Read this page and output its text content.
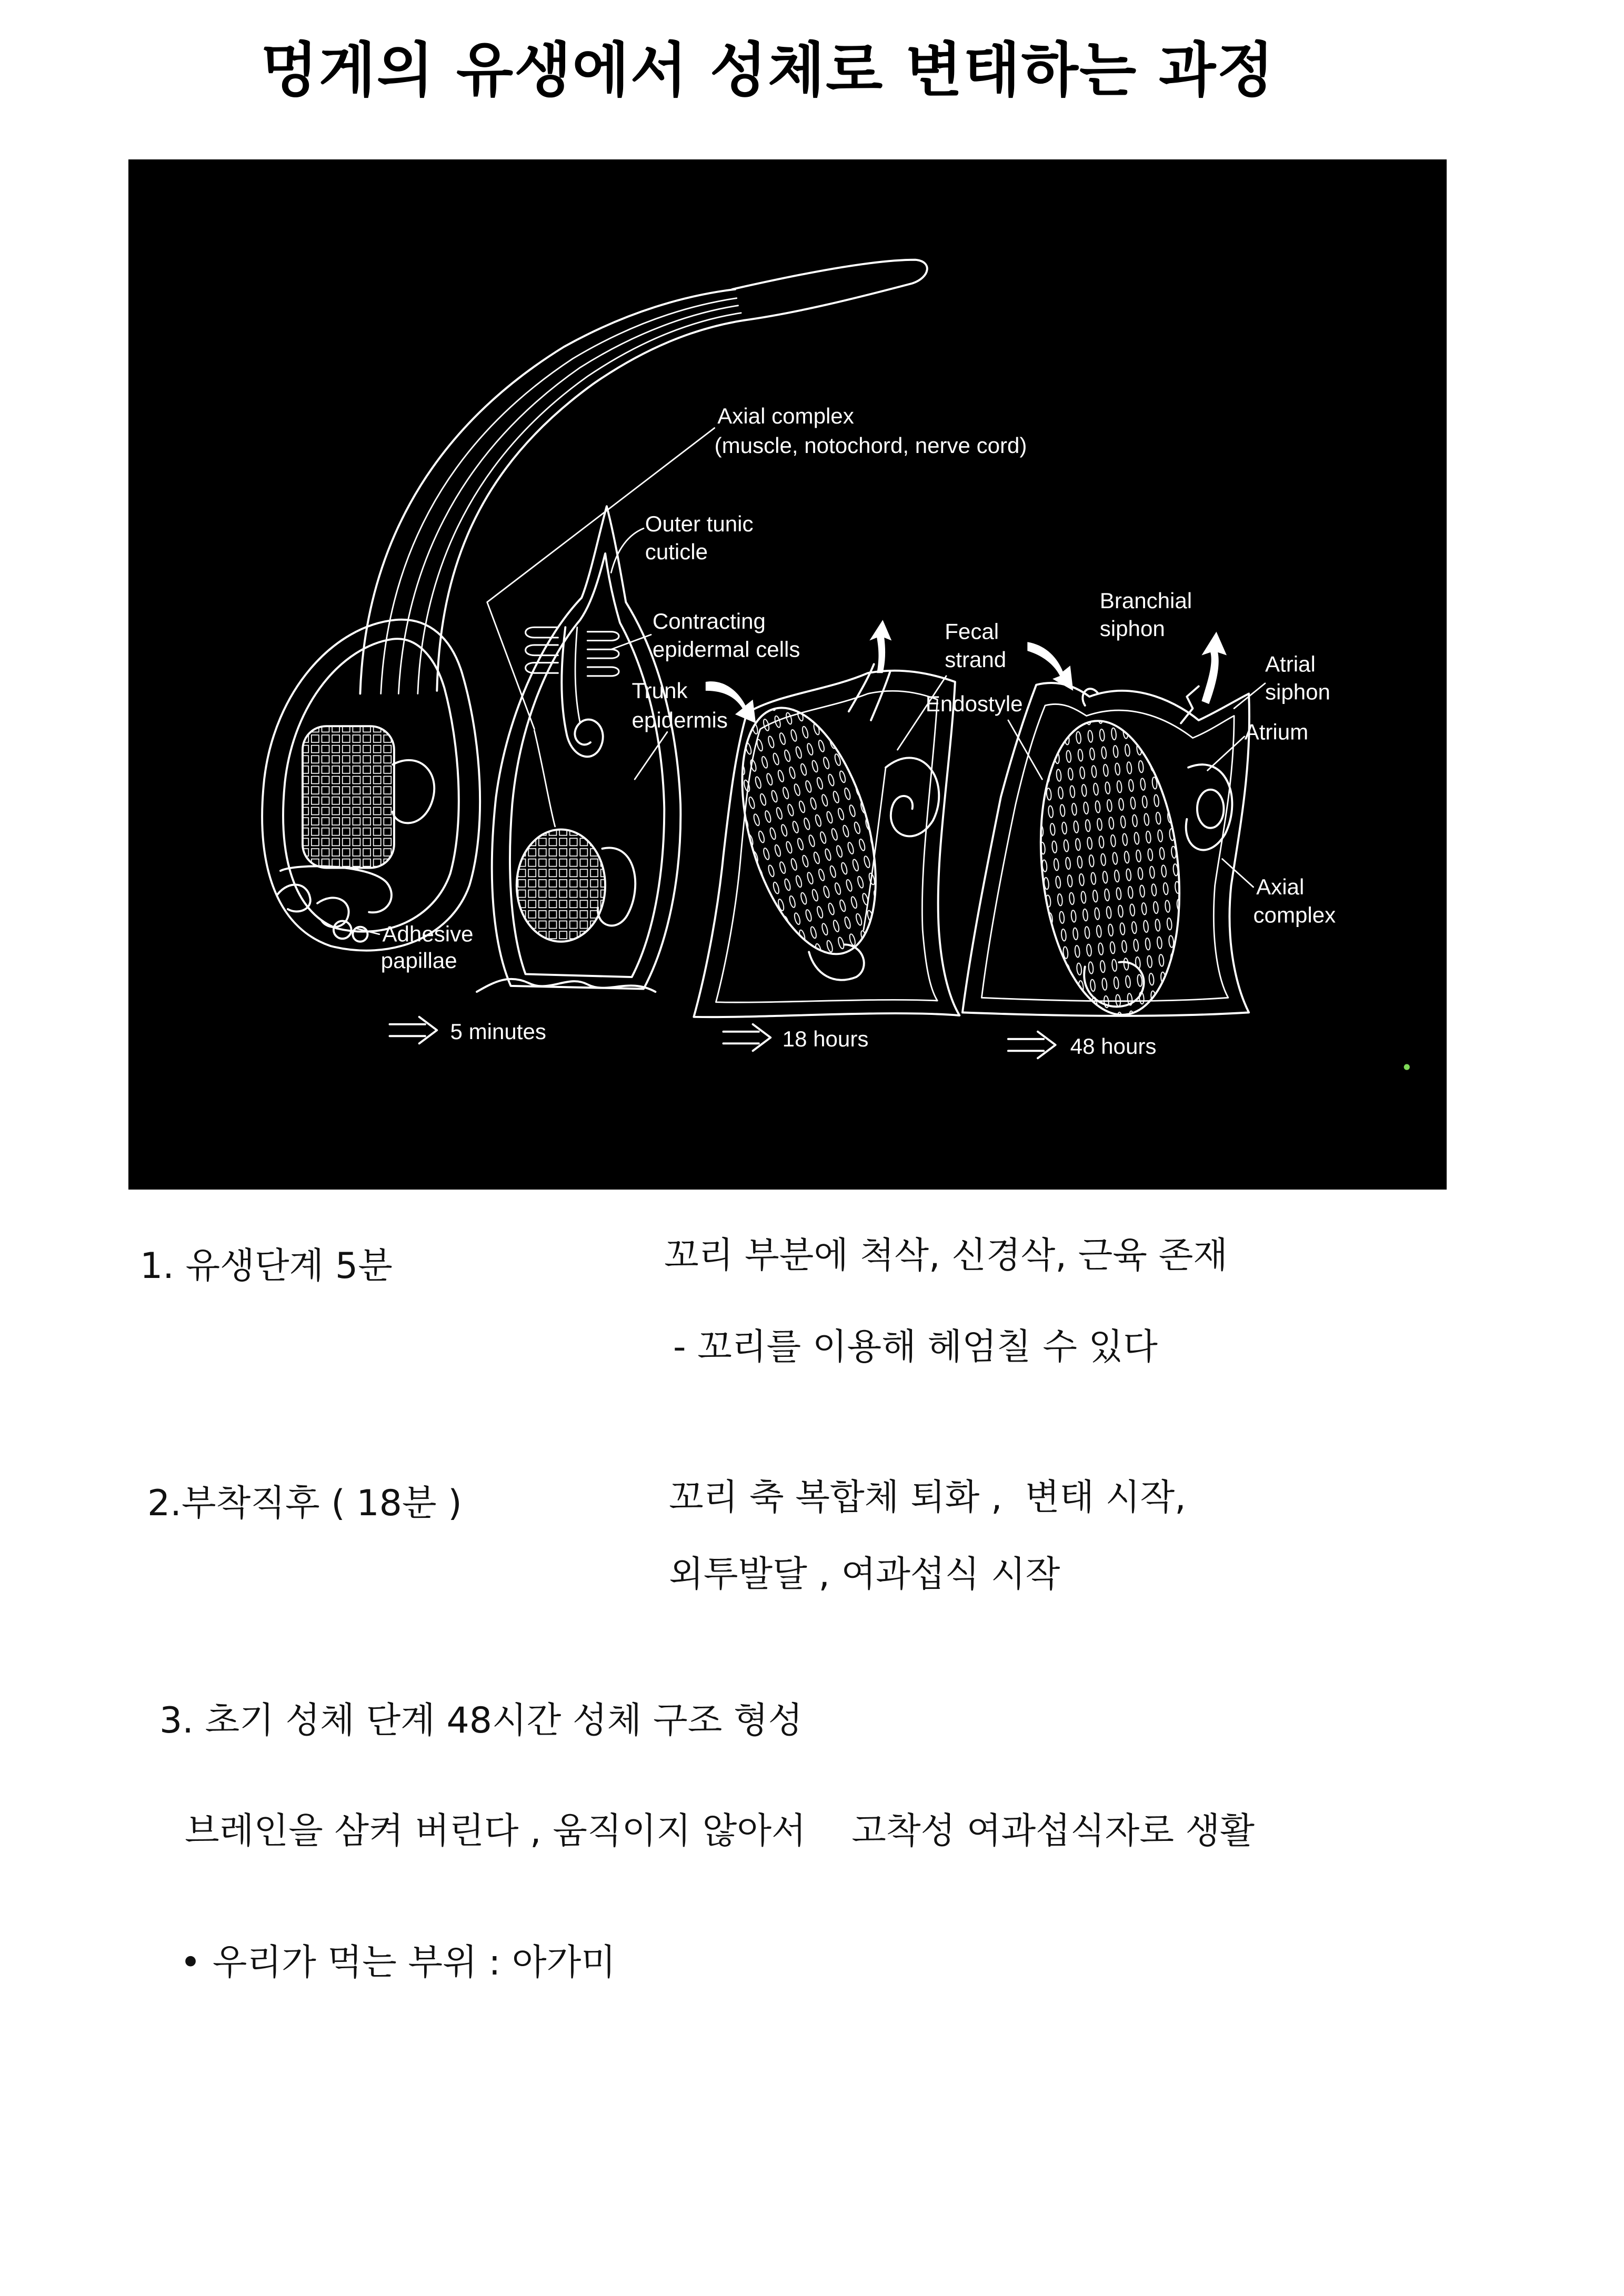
멍게의 유생에서 성체로 변태하는 과정
Axial complex
(muscle, notochord, nerve cord)
Outer tunic
cuticle
Contracting
epidermal cells
Trunk
epidermis
Adhesive
papillae
Fecal
strand
Endostyle
Branchial
siphon
Atrial
siphon
Atrium
Axial
complex
5 minutes	18 hours	48 hours
1. 유생단계 5분	꼬리 부분에 척삭, 신경삭, 근육 존재
- 꼬리를 이용해 헤엄칠 수 있다
2.부착직후 ( 18분 )	꼬리 축 복합체 퇴화 ,  변태 시작,
외투발달 , 여과섭식 시작
3. 초기 성체 단계 48시간 성체 구조 형성
브레인을 삼켜 버린다 , 움직이지 않아서    고착성 여과섭식자로 생활
• 우리가 먹는 부위 : 아가미
